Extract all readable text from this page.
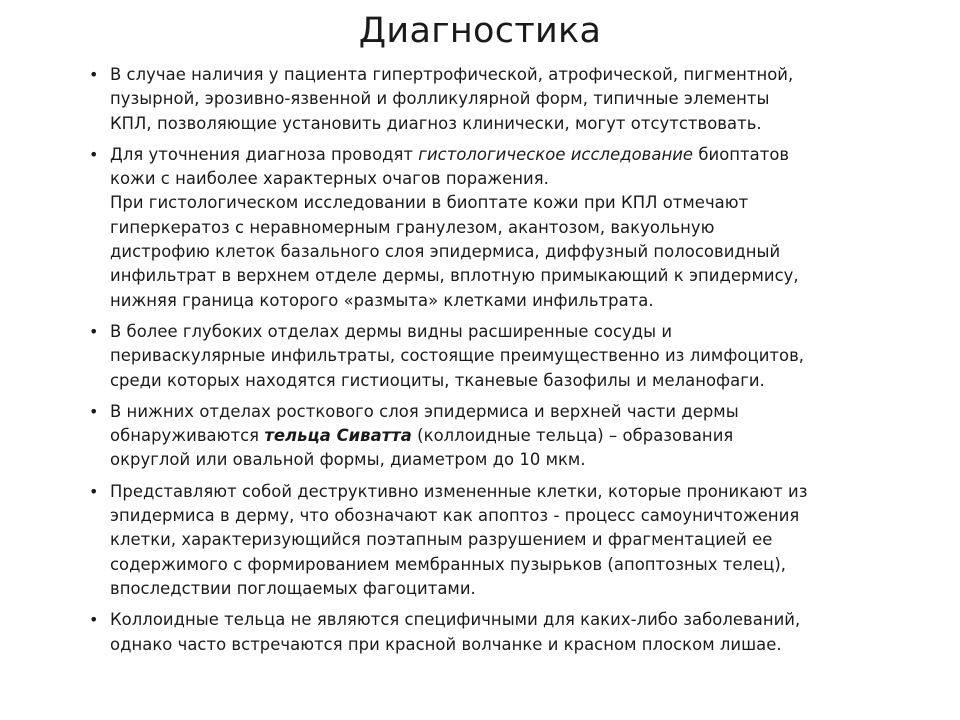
Диагностика
• В случае наличия у пациента гипертрофической, атрофической, пигментной,
пузырной, эрозивно-язвенной и фолликулярной форм, типичные элементы
КПЛ, позволяющие установить диагноз клинически, могут отсутствовать.
• Для уточнения диагноза проводят гистологическое исследование биоптатов
кожи с наиболее характерных очагов поражения.
При гистологическом исследовании в биоптате кожи при КПЛ отмечают
гиперкератоз с неравномерным гранулезом, акантозом, вакуольную
дистрофию клеток базального слоя эпидермиса, диффузный полосовидный
инфильтрат в верхнем отделе дермы, вплотную примыкающий к эпидермису,
нижняя граница которого «размыта» клетками инфильтрата.
• В более глубоких отделах дермы видны расширенные сосуды и
периваскулярные инфильтраты, состоящие преимущественно из лимфоцитов,
среди которых находятся гистиоциты, тканевые базофилы и меланофаги.
• В нижних отделах росткового слоя эпидермиса и верхней части дермы
обнаруживаются тельца Сиватта (коллоидные тельца) – образования
округлой или овальной формы, диаметром до 10 мкм.
• Представляют собой деструктивно измененные клетки, которые проникают из
эпидермиса в дерму, что обозначают как апоптоз - процесс самоуничтожения
клетки, характеризующийся поэтапным разрушением и фрагментацией ее
содержимого с формированием мембранных пузырьков (апоптозных телец),
впоследствии поглощаемых фагоцитами.
• Коллоидные тельца не являются специфичными для каких-либо заболеваний,
однако часто встречаются при красной волчанке и красном плоском лишае.
